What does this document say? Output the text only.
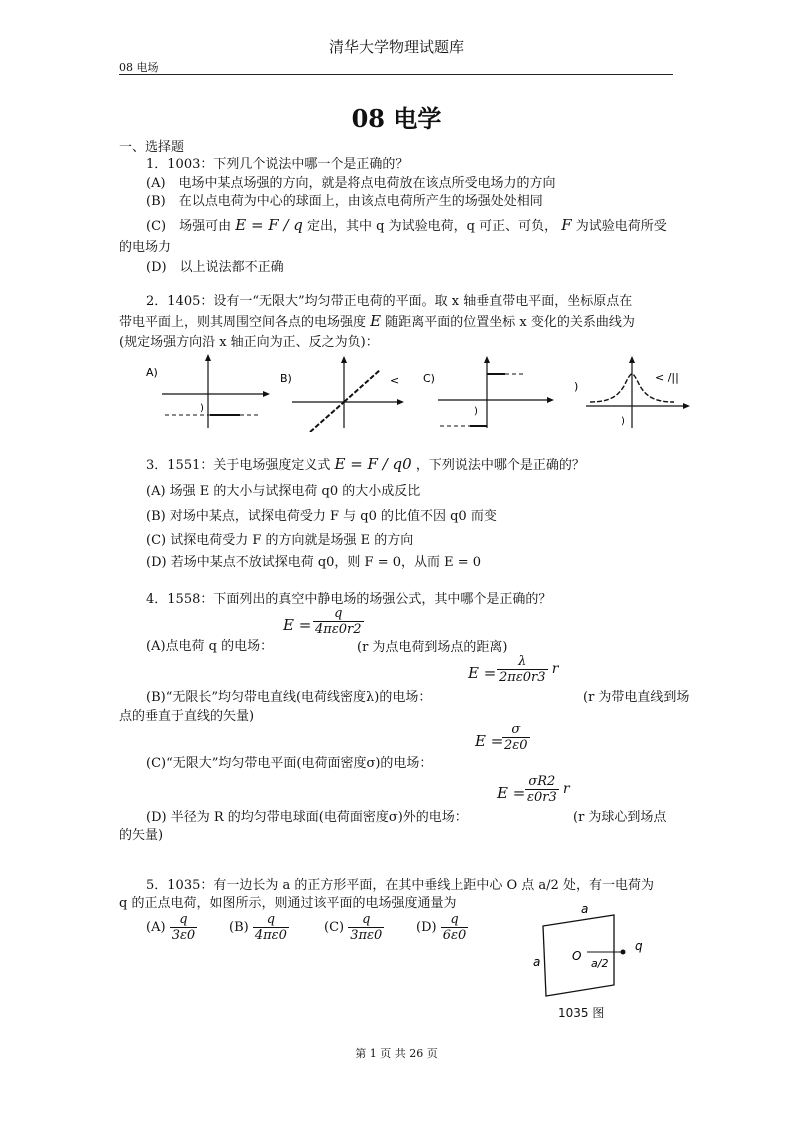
清华大学物理试题库
08 电场
08 电学
一、选择题
1．1003：下列几个说法中哪一个是正确的？
(A)　电场中某点场强的方向，就是将点电荷放在该点所受电场力的方向
(B)　在以点电荷为中心的球面上，由该点电荷所产生的场强处处相同
(C)　场强可由 E = F / q 定出，其中 q 为试验电荷，q 可正、可负， F 为试验电荷所受
的电场力
(D)　以上说法都不正确
2．1405：设有一“无限大”均匀带正电荷的平面。取 x 轴垂直带电平面，坐标原点在
带电平面上，则其周围空间各点的电场强度 E 随距离平面的位置坐标 x 变化的关系曲线为
(规定场强方向沿 x 轴正向为正、反之为负)：
A)
)
B)	< C)
)
)
< /||
)
3．1551：关于电场强度定义式 E = F / q0 ，下列说法中哪个是正确的？
(A) 场强 E 的大小与试探电荷 q0 的大小成反比
(B) 对场中某点，试探电荷受力 F 与 q0 的比值不因 q0 而变
(C) 试探电荷受力 F 的方向就是场强 E 的方向
(D) 若场中某点不放试探电荷 q0，则 F = 0，从而 E = 0
4．1558：下面列出的真空中静电场的场强公式，其中哪个是正确的？
$E = \frac{q}{4\pi\varepsilon 0r2}$
(A)点电荷 q 的电场：	(r 为点电荷到场点的距离)
$E = \frac{\lambda}{2\pi\varepsilon 0r3}$ r
(B)“无限长”均匀带电直线(电荷线密度λ)的电场：	(r 为带电直线到场
点的垂直于直线的矢量)
E =
$\frac{\sigma}{2\varepsilon 0}$
(C)“无限大”均匀带电平面(电荷面密度σ)的电场：
$E = \frac{\sigma R2}{\varepsilon 0r3}$ r
(D) 半径为 R 的均匀带电球面(电荷面密度σ)外的电场：	(r 为球心到场点
的矢量)
5．1035：有一边长为 a 的正方形平面，在其中垂线上距中心 O 点 a/2 处，有一电荷为
q 的正点电荷，如图所示，则通过该平面的电场强度通量为
$(A) \frac{q}{3\varepsilon 0} (B) \frac{q}{4\pi\varepsilon 0}$	$(C) \frac{q}{3\pi\varepsilon 0} (D) \frac{q}{6\varepsilon 0}$
a
a	O
a/2
q
1035 图
第 1 页 共 26 页
